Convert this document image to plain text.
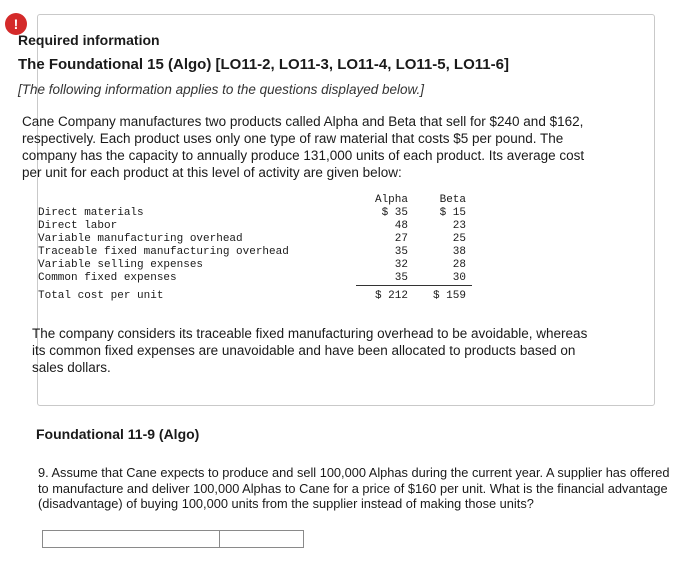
!
Required information
The Foundational 15 (Algo) [LO11-2, LO11-3, LO11-4, LO11-5, LO11-6]
[The following information applies to the questions displayed below.]
Cane Company manufactures two products called Alpha and Beta that sell for $240 and $162, respectively. Each product uses only one type of raw material that costs $5 per pound. The company has the capacity to annually produce 131,000 units of each product. Its average cost per unit for each product at this level of activity are given below:
	Alpha	Beta
Direct materials	$ 35	$ 15
Direct labor	48	23
Variable manufacturing overhead	27	25
Traceable fixed manufacturing overhead	35	38
Variable selling expenses	32	28
Common fixed expenses	35	30
Total cost per unit	$ 212	$ 159
The company considers its traceable fixed manufacturing overhead to be avoidable, whereas its common fixed expenses are unavoidable and have been allocated to products based on sales dollars.
Foundational 11-9 (Algo)
9. Assume that Cane expects to produce and sell 100,000 Alphas during the current year. A supplier has offered to manufacture and deliver 100,000 Alphas to Cane for a price of $160 per unit. What is the financial advantage (disadvantage) of buying 100,000 units from the supplier instead of making those units?
